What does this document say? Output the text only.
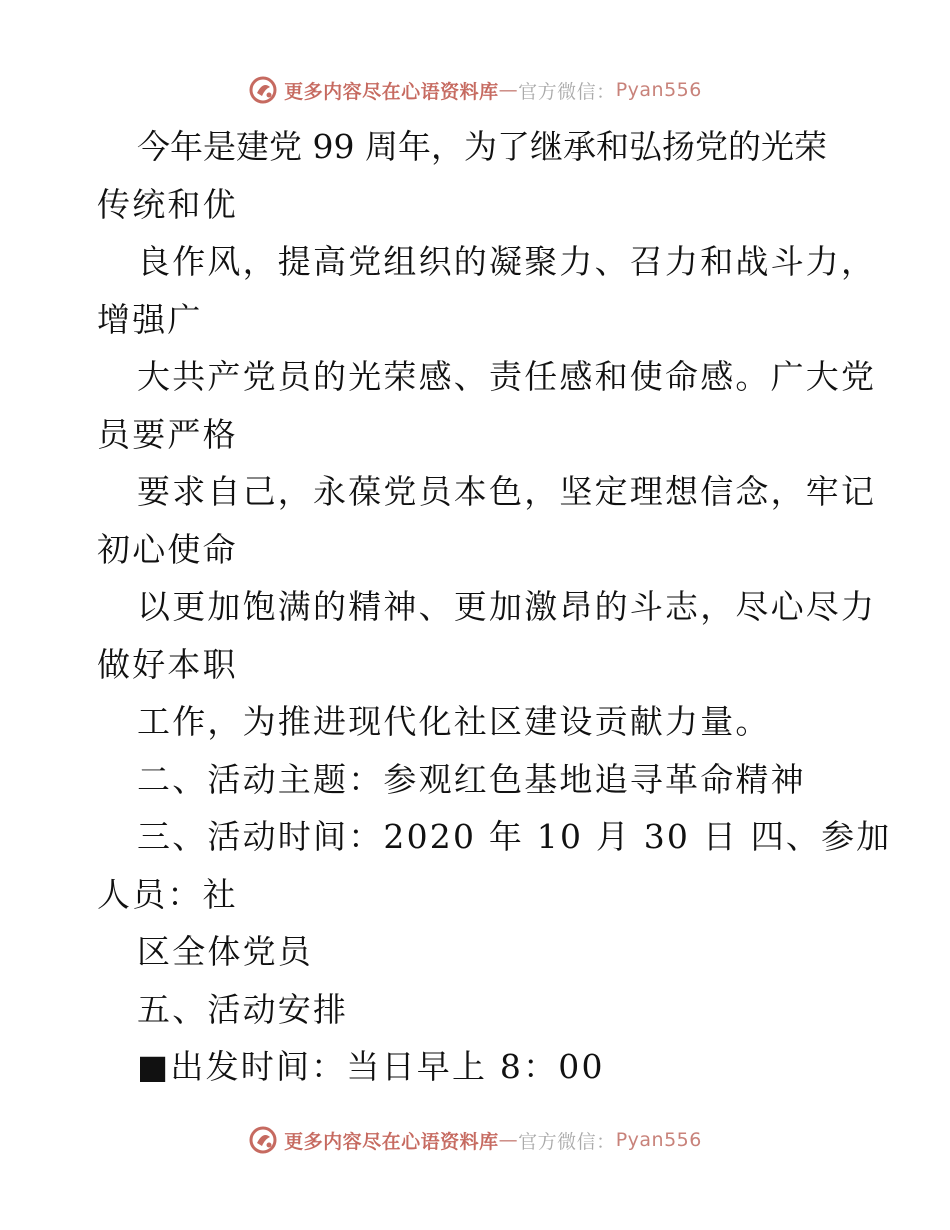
更多内容尽在心语资料库 — 官方微信： Pyan556
今年是建党 99 周年，为了继承和弘扬党的光荣
传统和优
良作风，提高党组织的凝聚力、召力和战斗力，
增强广
大共产党员的光荣感、责任感和使命感。广大党
员要严格
要求自己，永葆党员本色，坚定理想信念，牢记
初心使命
以更加饱满的精神、更加激昂的斗志，尽心尽力
做好本职
工作，为推进现代化社区建设贡献力量。
二、活动主题：参观红色基地追寻革命精神
三、活动时间：2020 年 10 月 30 日 四、参加
人员：社
区全体党员
五、活动安排
■出发时间：当日早上 8：00
更多内容尽在心语资料库 — 官方微信： Pyan556
